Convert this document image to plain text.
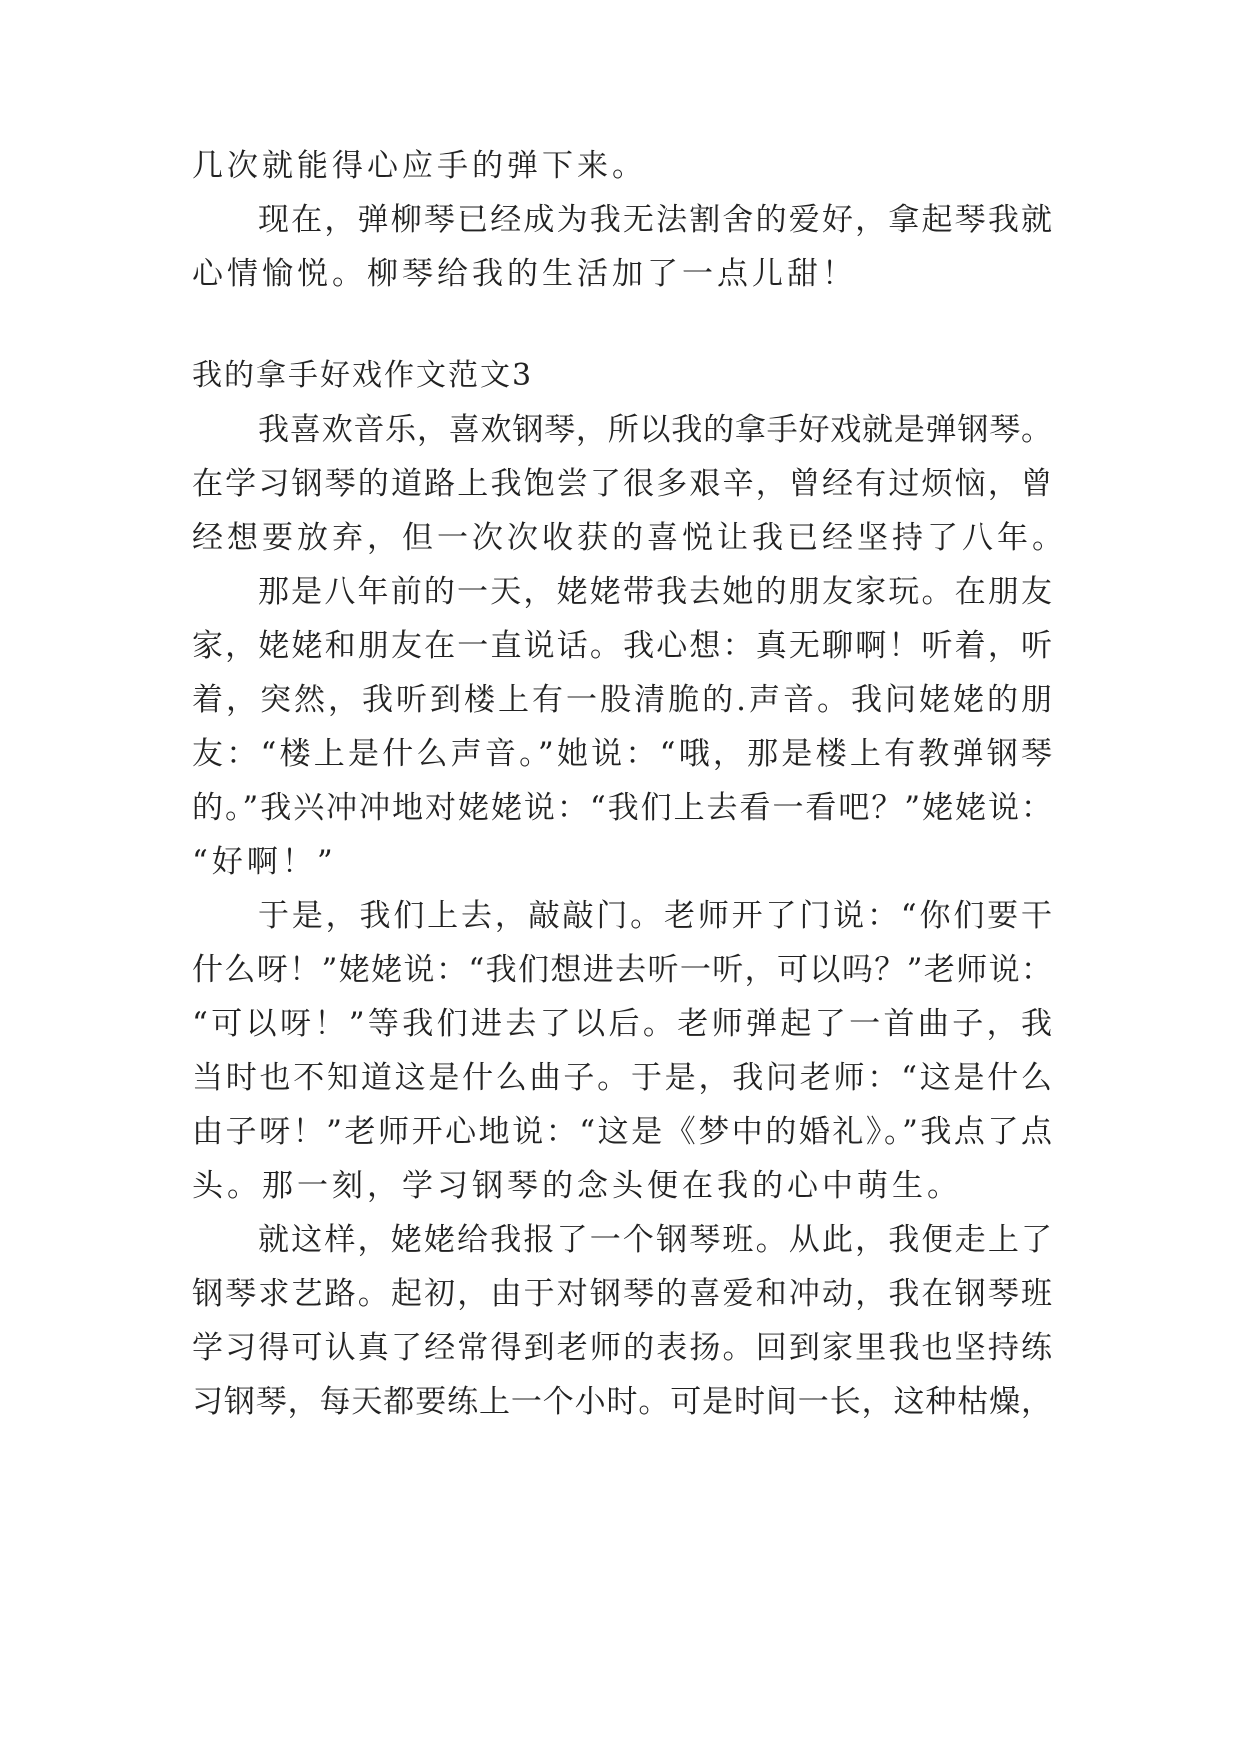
几次就能得心应手的弹下来。
现在，弹柳琴已经成为我无法割舍的爱好，拿起琴我就
心情愉悦。柳琴给我的生活加了一点儿甜！
我的拿手好戏作文范文3
我喜欢音乐，喜欢钢琴，所以我的拿手好戏就是弹钢琴。
在学习钢琴的道路上我饱尝了很多艰辛，曾经有过烦恼，曾
经想要放弃，但一次次收获的喜悦让我已经坚持了八年。
那是八年前的一天，姥姥带我去她的朋友家玩。在朋友
家，姥姥和朋友在一直说话。我心想：真无聊啊！听着，听
着，突然，我听到楼上有一股清脆的.声音。我问姥姥的朋
友：“楼上是什么声音。”她说：“哦，那是楼上有教弹钢琴
的。”我兴冲冲地对姥姥说：“我们上去看一看吧？”姥姥说：
“好啊！”
于是，我们上去，敲敲门。老师开了门说：“你们要干
什么呀！”姥姥说：“我们想进去听一听，可以吗？”老师说：
“可以呀！”等我们进去了以后。老师弹起了一首曲子，我
当时也不知道这是什么曲子。于是，我问老师：“这是什么
由子呀！”老师开心地说：“这是《梦中的婚礼》。”我点了点
头。那一刻，学习钢琴的念头便在我的心中萌生。
就这样，姥姥给我报了一个钢琴班。从此，我便走上了
钢琴求艺路。起初，由于对钢琴的喜爱和冲动，我在钢琴班
学习得可认真了经常得到老师的表扬。回到家里我也坚持练
习钢琴，每天都要练上一个小时。可是时间一长，这种枯燥，
